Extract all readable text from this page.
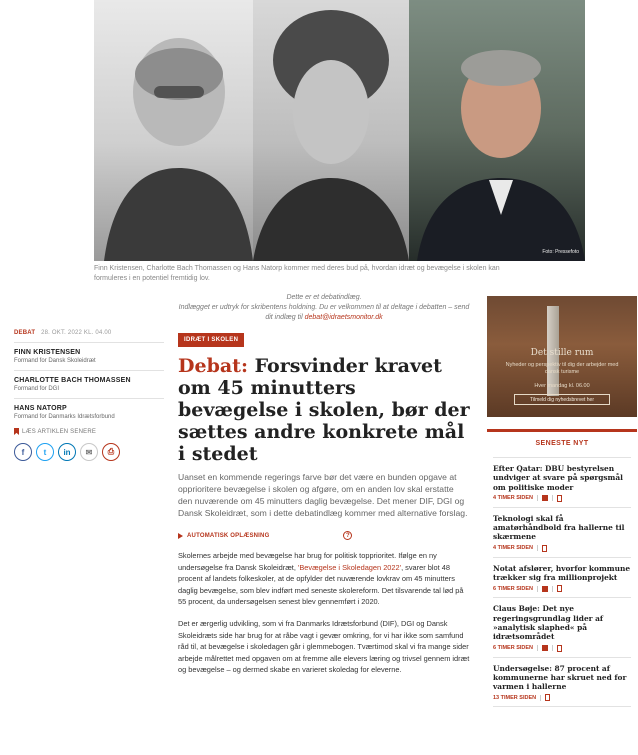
Foto: Pressefoto

Finn Kristensen, Charlotte Bach Thomassen og Hans Natorp kommer med deres bud på, hvordan idræt og bevægelse i skolen kan formuleres i en potentiel fremtidig lov.

DEBAT 28. OKT. 2022 KL. 04.00
FINN KRISTENSEN
Formand for Dansk Skoleidræt
CHARLOTTE BACH THOMASSEN
Formand for DGI
HANS NATORP
Formand for Danmarks Idrætsforbund
LÆS ARTIKLEN SENERE
f	t	in	✉	⎙

Dette er et debatindlæg.
Indlægget er udtryk for skribentens holdning. Du er velkommen til at deltage i debatten – send dit indlæg til debat@idraetsmonitor.dk

IDRÆT I SKOLEN
Debat: Forsvinder kravet om 45 minutters bevægelse i skolen, bør der sættes andre konkrete mål i stedet

Uanset en kommende regerings farve bør det være en bunden opgave at opprioritere bevægelse i skolen og afgøre, om en anden lov skal erstatte den nuværende om 45 minutters daglig bevægelse. Det mener DIF, DGI og Dansk Skoleidræt, som i dette debatindlæg kommer med alternative forslag.

AUTOMATISK OPLÆSNING	?

Skolernes arbejde med bevægelse har brug for politisk topprioritet. Ifølge en ny undersøgelse fra Dansk Skoleidræt, 'Bevægelse i Skoledagen 2022', svarer blot 48 procent af landets folkeskoler, at de opfylder det nuværende lovkrav om 45 minutters daglig bevægelse, som blev indført med seneste skolereform. Det tilsvarende tal lød på 55 procent, da undersøgelsen senest blev gennemført i 2020.

Det er ærgerlig udvikling, som vi fra Danmarks Idrætsforbund (DIF), DGI og Dansk Skoleidræts side har brug for at råbe vagt i gevær omkring, for vi har ikke som samfund råd til, at bevægelse i skoledagen går i glemmebogen. Tværtimod skal vi fra mange sider arbejde målrettet med opgaven om at fremme alle elevers læring og trivsel gennem idræt og bevægelse – og dermed skabe en varieret skoledag for eleverne.

Det stille rum
Nyheder og perspektiv til dig der arbejder med dansk turisme
Hver mandag kl. 06.00
Tilmeld dig nyhedsbrevet her
SENESTE NYT
Efter Qatar: DBU bestyrelsen undviger at svare på spørgsmål om politiske moder
4 TIMER SIDEN
Teknologi skal få amatørhåndbold fra hallerne til skærmene
4 TIMER SIDEN
Notat afslører, hvorfor kommune trækker sig fra millionprojekt
6 TIMER SIDEN
Claus Bøje: Det nye regeringsgrundlag lider af »analytisk slaphed« på idrætsområdet
6 TIMER SIDEN
Undersøgelse: 87 procent af kommunerne har skruet ned for varmen i hallerne
13 TIMER SIDEN
